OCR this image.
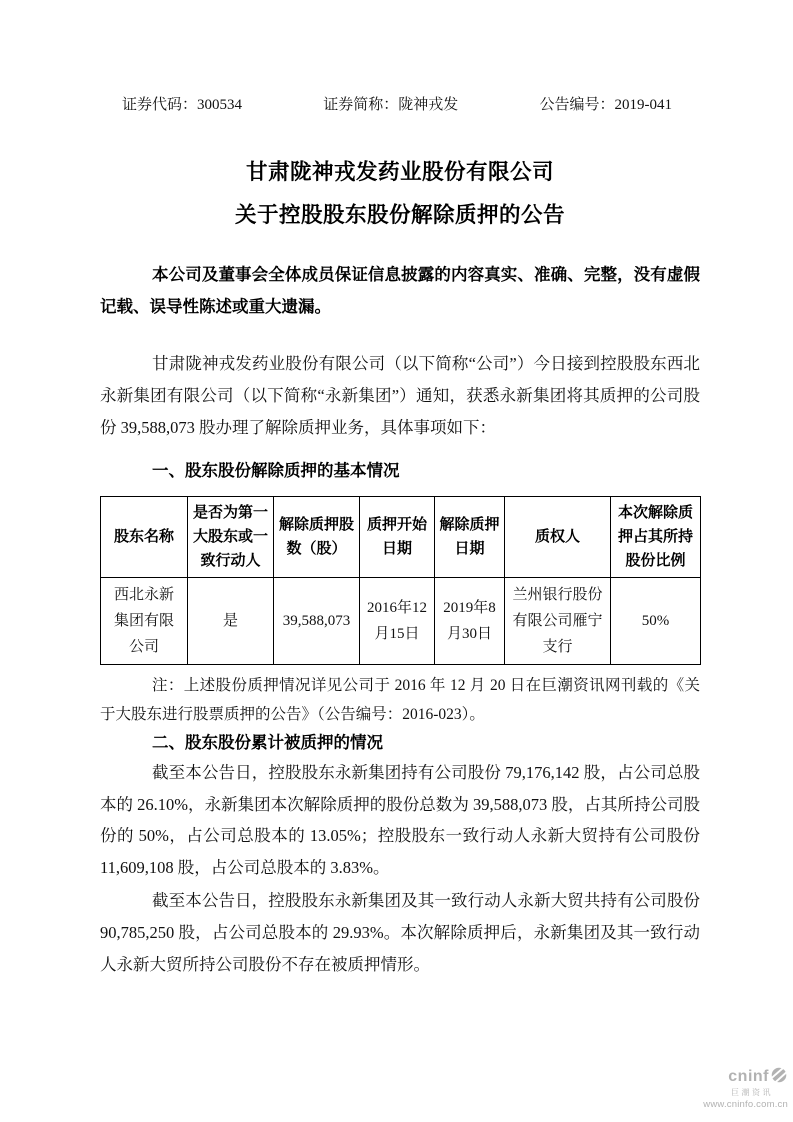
证券代码：300534	证券简称：陇神戎发	公告编号：2019-041
甘肃陇神戎发药业股份有限公司
关于控股股东股份解除质押的公告

本公司及董事会全体成员保证信息披露的内容真实、准确、完整，没有虚假记载、误导性陈述或重大遗漏。

甘肃陇神戎发药业股份有限公司（以下简称“公司”）今日接到控股股东西北永新集团有限公司（以下简称“永新集团”）通知，获悉永新集团将其质押的公司股份 39,588,073 股办理了解除质押业务，具体事项如下：

一、股东股份解除质押的基本情况
股东名称	是否为第一大股东或一致行动人	解除质押股数（股）	质押开始日期	解除质押日期	质权人	本次解除质押占其所持股份比例
西北永新集团有限公司	是	39,588,073	2016年12月15日	2019年8月30日	兰州银行股份有限公司雁宁支行	50%

注：上述股份质押情况详见公司于 2016 年 12 月 20 日在巨潮资讯网刊载的《关于大股东进行股票质押的公告》（公告编号：2016-023）。

二、股东股份累计被质押的情况

截至本公告日，控股股东永新集团持有公司股份 79,176,142 股，占公司总股本的 26.10%，永新集团本次解除质押的股份总数为 39,588,073 股，占其所持公司股份的 50%，占公司总股本的 13.05%；控股股东一致行动人永新大贸持有公司股份 11,609,108 股，占公司总股本的 3.83%。

截至本公告日，控股股东永新集团及其一致行动人永新大贸共持有公司股份 90,785,250 股，占公司总股本的 29.93%。本次解除质押后，永新集团及其一致行动人永新大贸所持公司股份不存在被质押情形。

cninf
巨潮资讯
www.cninfo.com.cn
